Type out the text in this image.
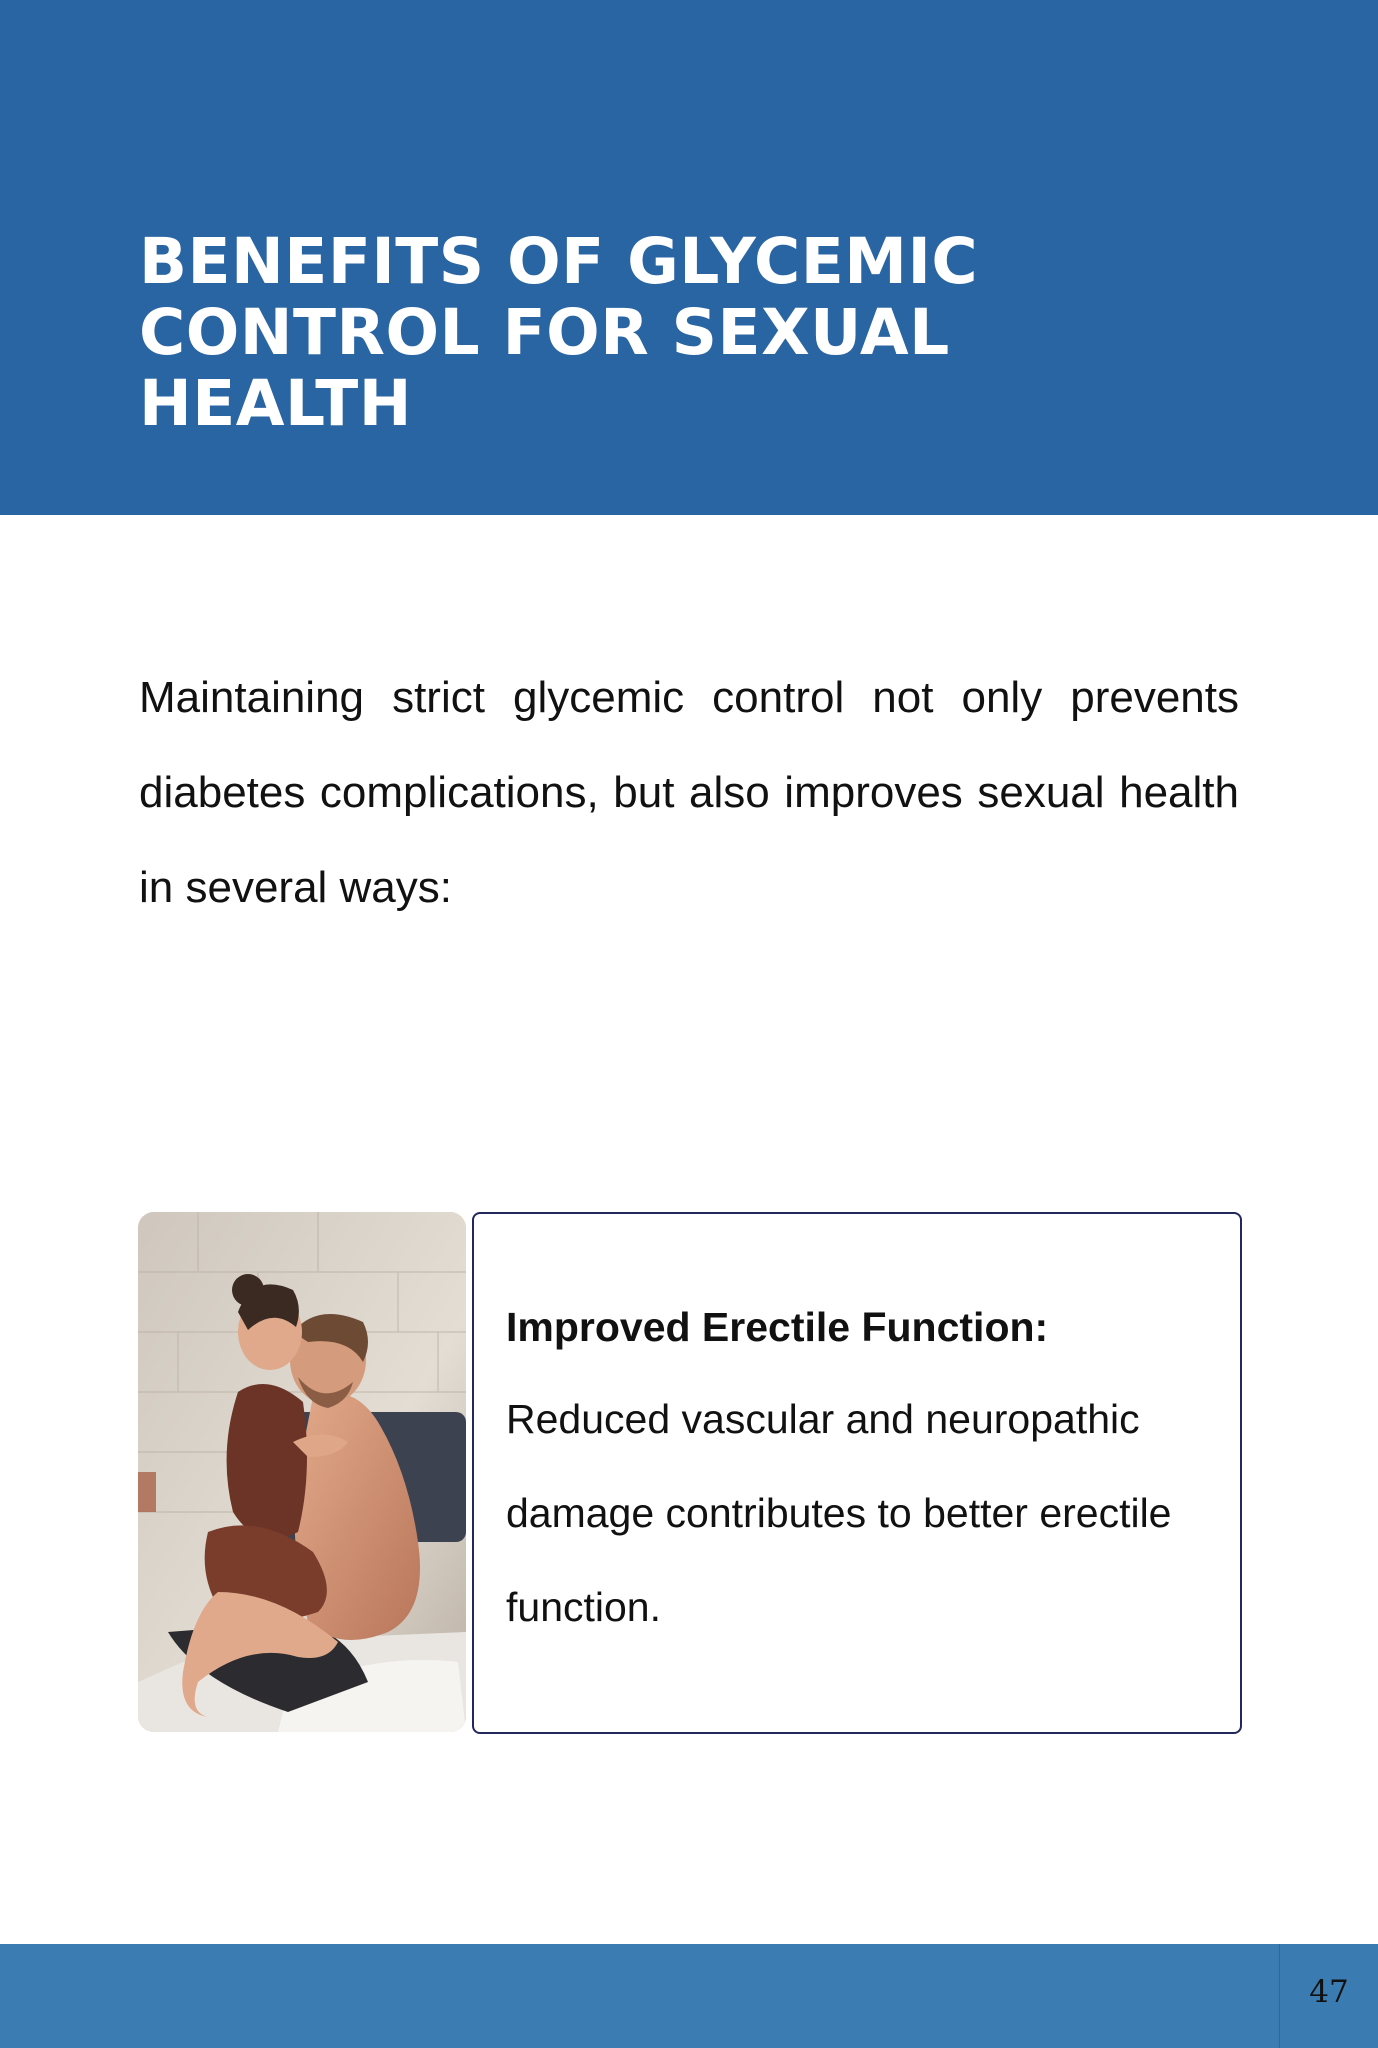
BENEFITS OF GLYCEMIC CONTROL FOR SEXUAL HEALTH

Maintaining strict glycemic control not only prevents diabetes complications, but also improves sexual health in several ways:

Improved Erectile Function:

Reduced vascular and neuropathic damage contributes to better erectile function.

47
